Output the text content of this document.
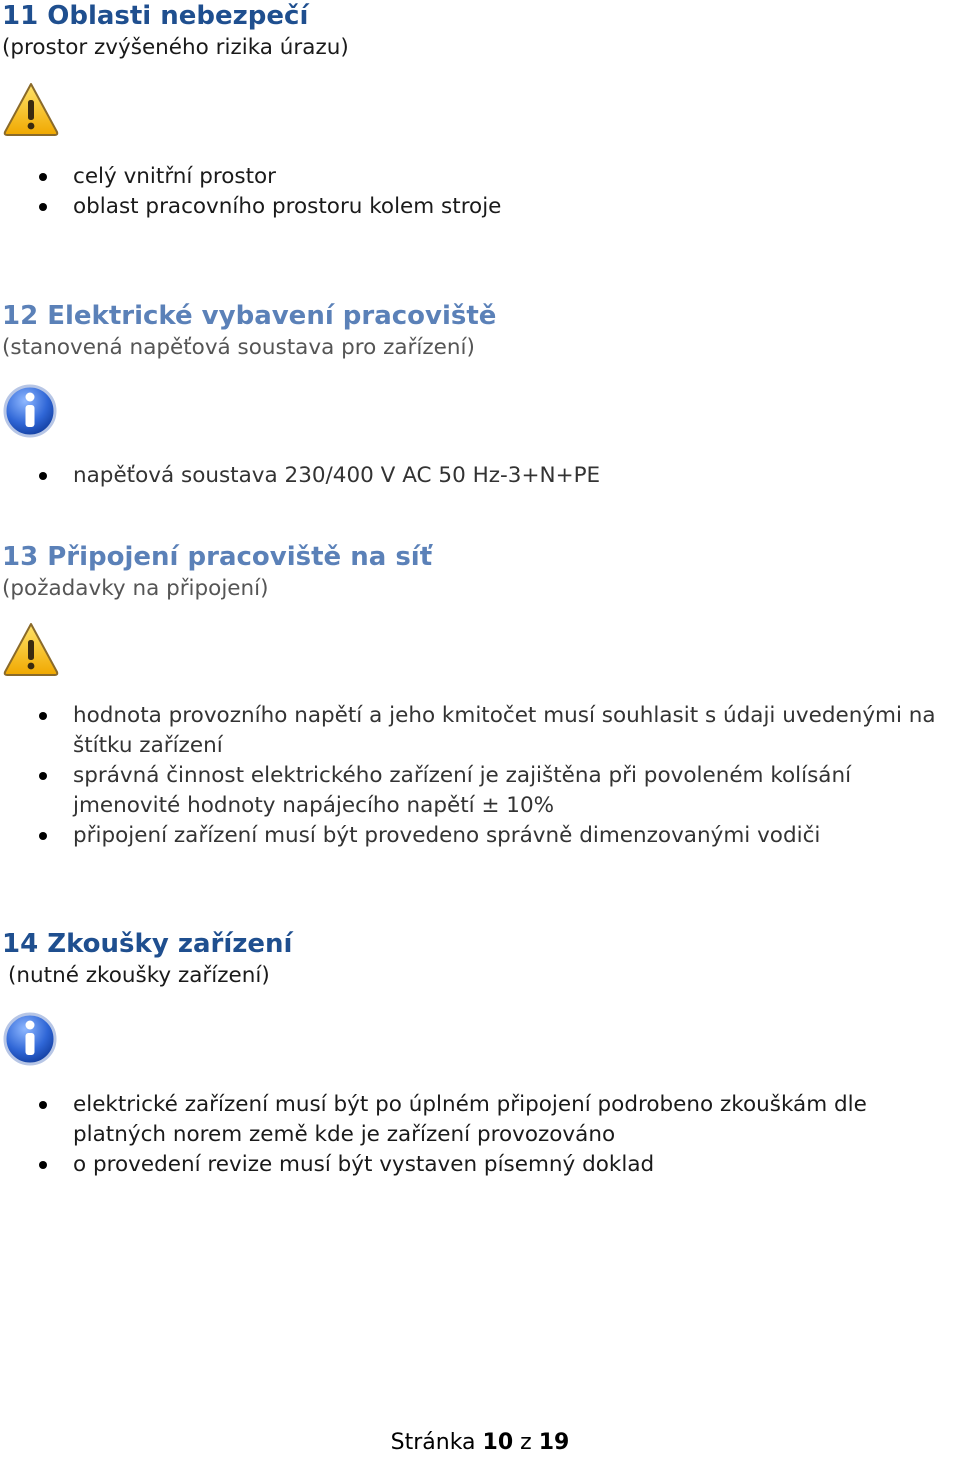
11 Oblasti nebezpečí

(prostor zvýšeného rizika úrazu)

celý vnitřní prostor
oblast pracovního prostoru kolem stroje
12 Elektrické vybavení pracoviště

(stanovená napěťová soustava pro zařízení)

napěťová soustava 230/400 V AC 50 Hz-3+N+PE
13 Připojení pracoviště na síť

(požadavky na připojení)

hodnota provozního napětí a jeho kmitočet musí souhlasit s údaji uvedenými na štítku zařízení
správná činnost elektrického zařízení je zajištěna při povoleném kolísání jmenovité hodnoty napájecího napětí ± 10%
připojení zařízení musí být provedeno správně dimenzovanými vodiči
14 Zkoušky zařízení

(nutné zkoušky zařízení)

elektrické zařízení musí být po úplném připojení podrobeno zkouškám dle platných norem země kde je zařízení provozováno
o provedení revize musí být vystaven písemný doklad
Stránka 10 z 19
